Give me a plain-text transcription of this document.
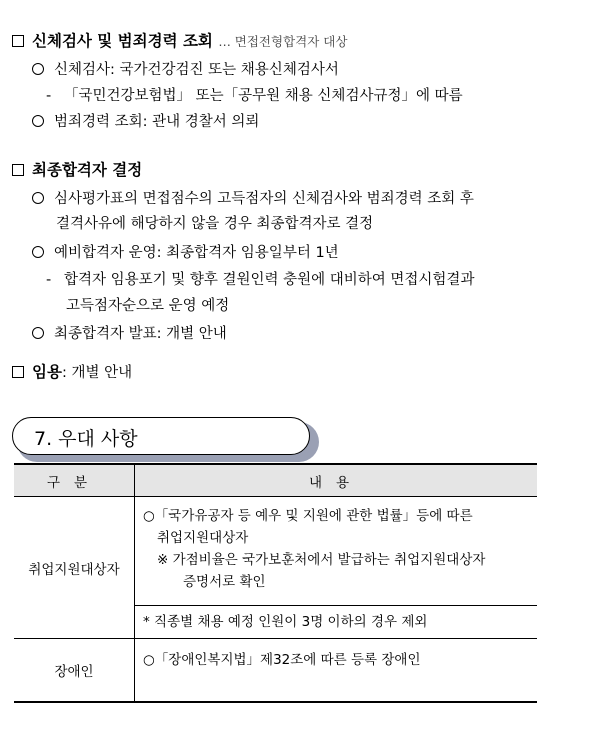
신체검사 및 범죄경력 조회 … 면접전형합격자 대상
신체검사: 국가건강검진 또는 채용신체검사서
- 「국민건강보험법」 또는「공무원 채용 신체검사규정」에 따름
범죄경력 조회: 관내 경찰서 의뢰
최종합격자 결정
심사평가표의 면접점수의 고득점자의 신체검사와 범죄경력 조회 후
결격사유에 해당하지 않을 경우 최종합격자로 결정
예비합격자 운영: 최종합격자 임용일부터 1년
- 합격자 임용포기 및 향후 결원인력 충원에 대비하여 면접시험결과
고득점자순으로 운영 예정
최종합격자 발표: 개별 안내
임용: 개별 안내
7. 우대 사항
구분	내용
취업지원대상자	○「국가유공자 등 예우 및 지원에 관한 법률」등에 따른
취업지원대상자
※ 가점비율은 국가보훈처에서 발급하는 취업지원대상자
증명서로 확인

	* 직종별 채용 예정 인원이 3명 이하의 경우 제외
장애인	○「장애인복지법」제32조에 따른 등록 장애인
